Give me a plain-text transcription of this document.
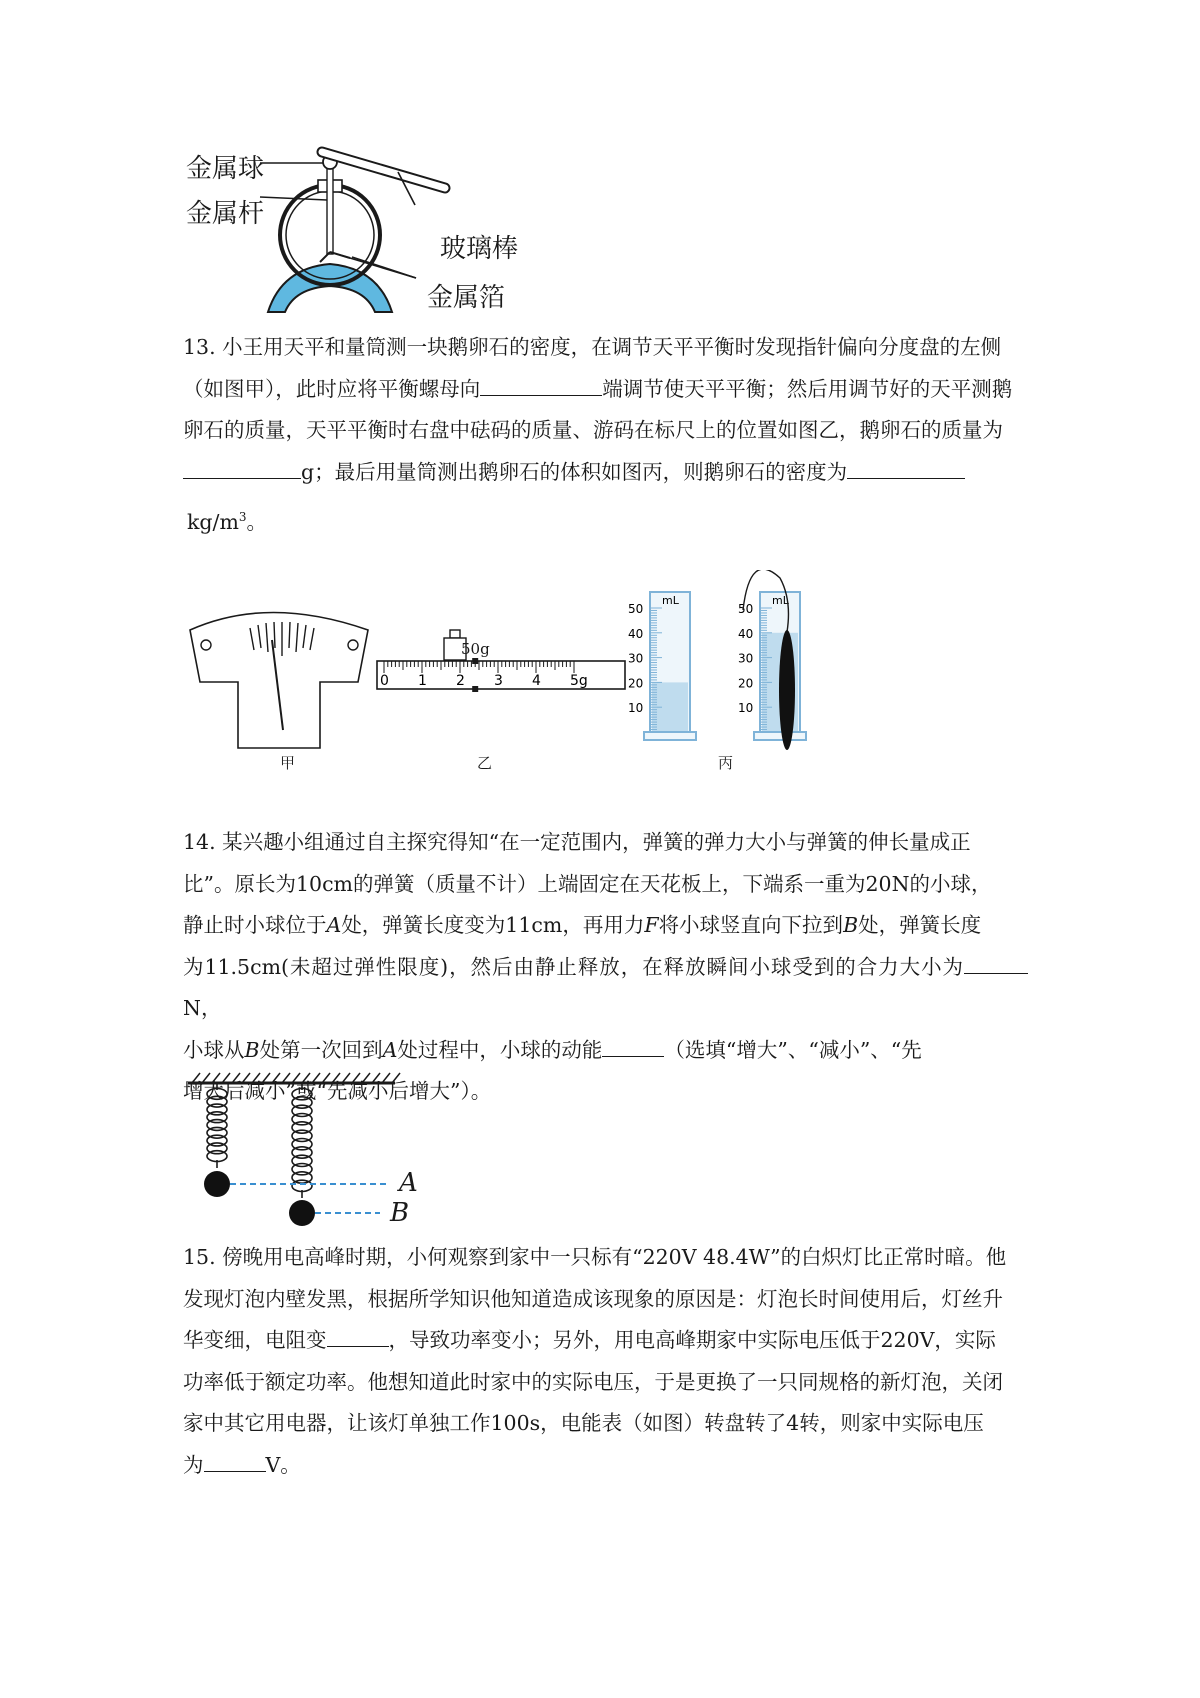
金属球
金属杆
玻璃棒
金属箔

13. 小王用天平和量筒测一块鹅卵石的密度，在调节天平平衡时发现指针偏向分度盘的左侧

（如图甲），此时应将平衡螺母向	端调节使天平平衡；然后用调节好的天平测鹅

卵石的质量，天平平衡时右盘中砝码的质量、游码在标尺上的位置如图乙，鹅卵石的质量为

g；最后用量筒测出鹅卵石的体积如图丙，则鹅卵石的密度为

$kg/m^3$。

0 1 2 3 4 5g
mL
50
40
30
20
10
mL
50
40
30
20
10
50g
甲	乙	丙

14. 某兴趣小组通过自主探究得知“在一定范围内，弹簧的弹力大小与弹簧的伸长量成正

比”。原长为10cm的弹簧（质量不计）上端固定在天花板上，下端系一重为20N的小球，

静止时小球位于A处，弹簧长度变为11cm，再用力F将小球竖直向下拉到B处，弹簧长度

为11.5cm(未超过弹性限度)，然后由静止释放，在释放瞬间小球受到的合力大小为N，

小球从B处第一次回到A处过程中，小球的动能	（选填“增大”、“减小”、“先

增大后减小”或“先减小后增大”）。

A
B

15. 傍晚用电高峰时期，小何观察到家中一只标有“220V 48.4W”的白炽灯比正常时暗。他

发现灯泡内壁发黑，根据所学知识他知道造成该现象的原因是：灯泡长时间使用后，灯丝升

华变细，电阻变	，导致功率变小；另外，用电高峰期家中实际电压低于220V，实际

功率低于额定功率。他想知道此时家中的实际电压，于是更换了一只同规格的新灯泡，关闭

家中其它用电器，让该灯单独工作100s，电能表（如图）转盘转了4转，则家中实际电压

为	V。
